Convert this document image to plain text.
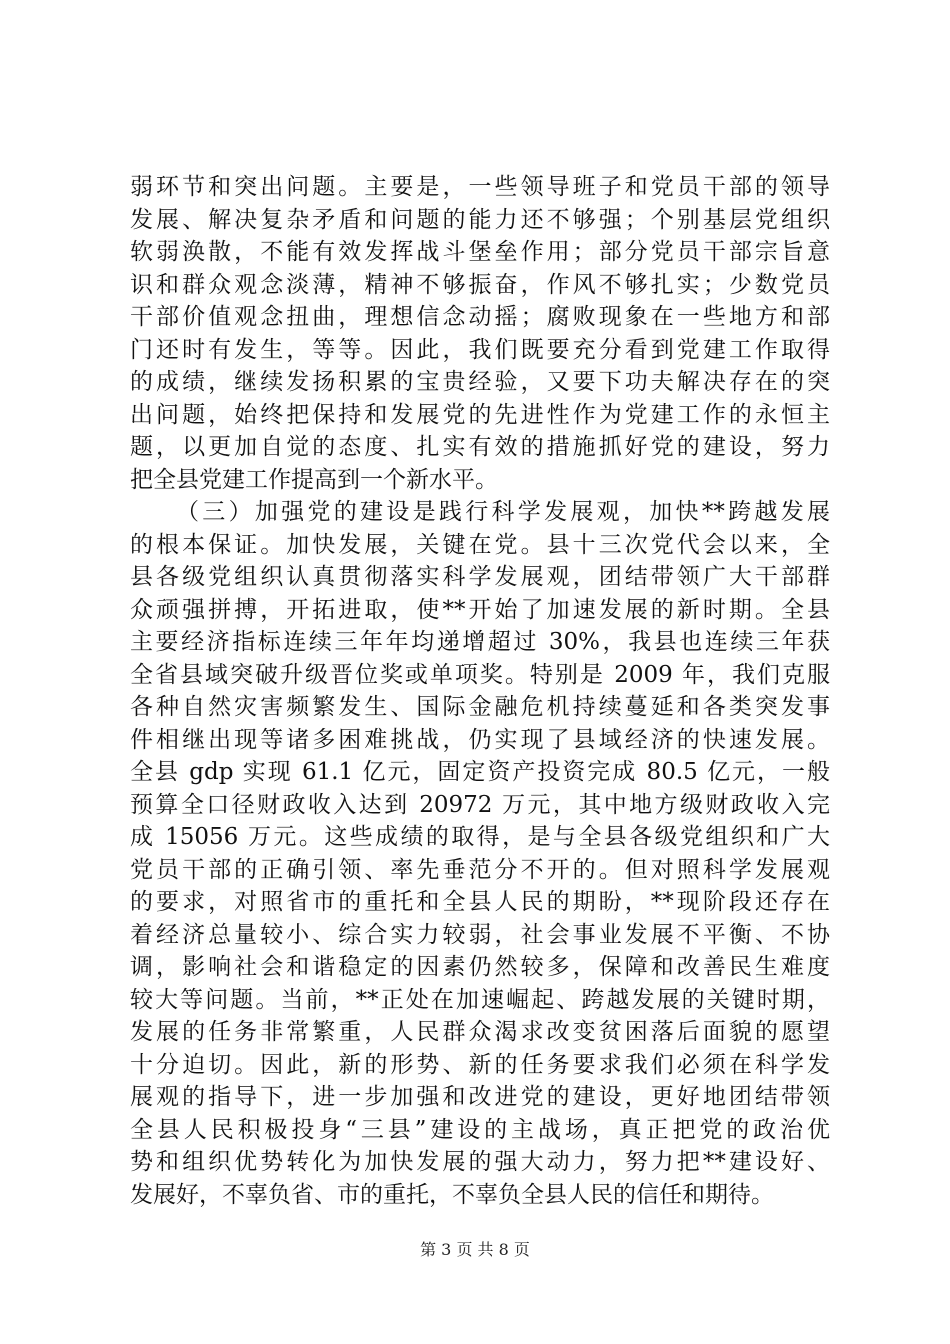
弱环节和突出问题。主要是，一些领导班子和党员干部的领导
发展、解决复杂矛盾和问题的能力还不够强；个别基层党组织
软弱涣散，不能有效发挥战斗堡垒作用；部分党员干部宗旨意
识和群众观念淡薄，精神不够振奋，作风不够扎实；少数党员
干部价值观念扭曲，理想信念动摇；腐败现象在一些地方和部
门还时有发生，等等。因此，我们既要充分看到党建工作取得
的成绩，继续发扬积累的宝贵经验，又要下功夫解决存在的突
出问题，始终把保持和发展党的先进性作为党建工作的永恒主
题，以更加自觉的态度、扎实有效的措施抓好党的建设，努力
把全县党建工作提高到一个新水平。
（三）加强党的建设是践行科学发展观，加快**跨越发展
的根本保证。加快发展，关键在党。县十三次党代会以来，全
县各级党组织认真贯彻落实科学发展观，团结带领广大干部群
众顽强拼搏，开拓进取，使**开始了加速发展的新时期。全县
主要经济指标连续三年年均递增超过 30%，我县也连续三年获
全省县域突破升级晋位奖或单项奖。特别是 2009 年，我们克服
各种自然灾害频繁发生、国际金融危机持续蔓延和各类突发事
件相继出现等诸多困难挑战，仍实现了县域经济的快速发展。
全县 gdp 实现 61.1 亿元，固定资产投资完成 80.5 亿元，一般
预算全口径财政收入达到 20972 万元，其中地方级财政收入完
成 15056 万元。这些成绩的取得，是与全县各级党组织和广大
党员干部的正确引领、率先垂范分不开的。但对照科学发展观
的要求，对照省市的重托和全县人民的期盼，**现阶段还存在
着经济总量较小、综合实力较弱，社会事业发展不平衡、不协
调，影响社会和谐稳定的因素仍然较多，保障和改善民生难度
较大等问题。当前，**正处在加速崛起、跨越发展的关键时期，
发展的任务非常繁重，人民群众渴求改变贫困落后面貌的愿望
十分迫切。因此，新的形势、新的任务要求我们必须在科学发
展观的指导下，进一步加强和改进党的建设，更好地团结带领
全县人民积极投身“三县”建设的主战场，真正把党的政治优
势和组织优势转化为加快发展的强大动力，努力把**建设好、
发展好，不辜负省、市的重托，不辜负全县人民的信任和期待。
第 3 页 共 8 页
